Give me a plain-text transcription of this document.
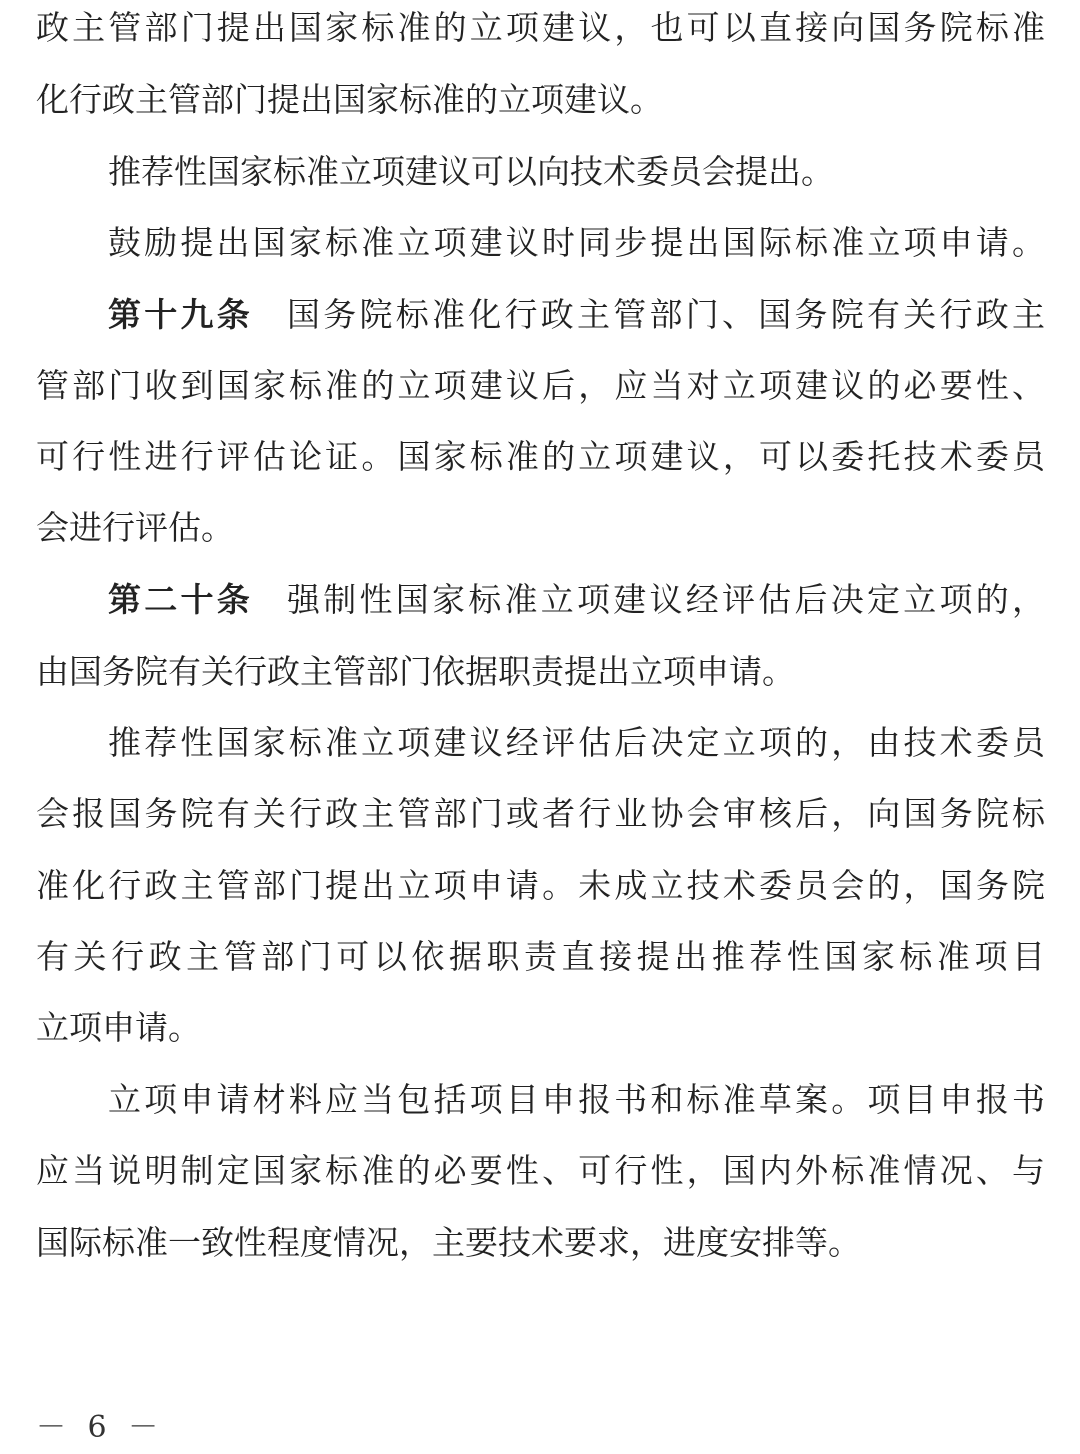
政主管部门提出国家标准的立项建议，也可以直接向国务院标准
化行政主管部门提出国家标准的立项建议。
推荐性国家标准立项建议可以向技术委员会提出。
鼓励提出国家标准立项建议时同步提出国际标准立项申请。
第十九条 国务院标准化行政主管部门、国务院有关行政主
管部门收到国家标准的立项建议后，应当对立项建议的必要性、
可行性进行评估论证。国家标准的立项建议，可以委托技术委员
会进行评估。
第二十条 强制性国家标准立项建议经评估后决定立项的，
由国务院有关行政主管部门依据职责提出立项申请。
推荐性国家标准立项建议经评估后决定立项的，由技术委员
会报国务院有关行政主管部门或者行业协会审核后，向国务院标
准化行政主管部门提出立项申请。未成立技术委员会的，国务院
有关行政主管部门可以依据职责直接提出推荐性国家标准项目
立项申请。
立项申请材料应当包括项目申报书和标准草案。项目申报书
应当说明制定国家标准的必要性、可行性，国内外标准情况、与
国际标准一致性程度情况，主要技术要求，进度安排等。
－ 6 －
